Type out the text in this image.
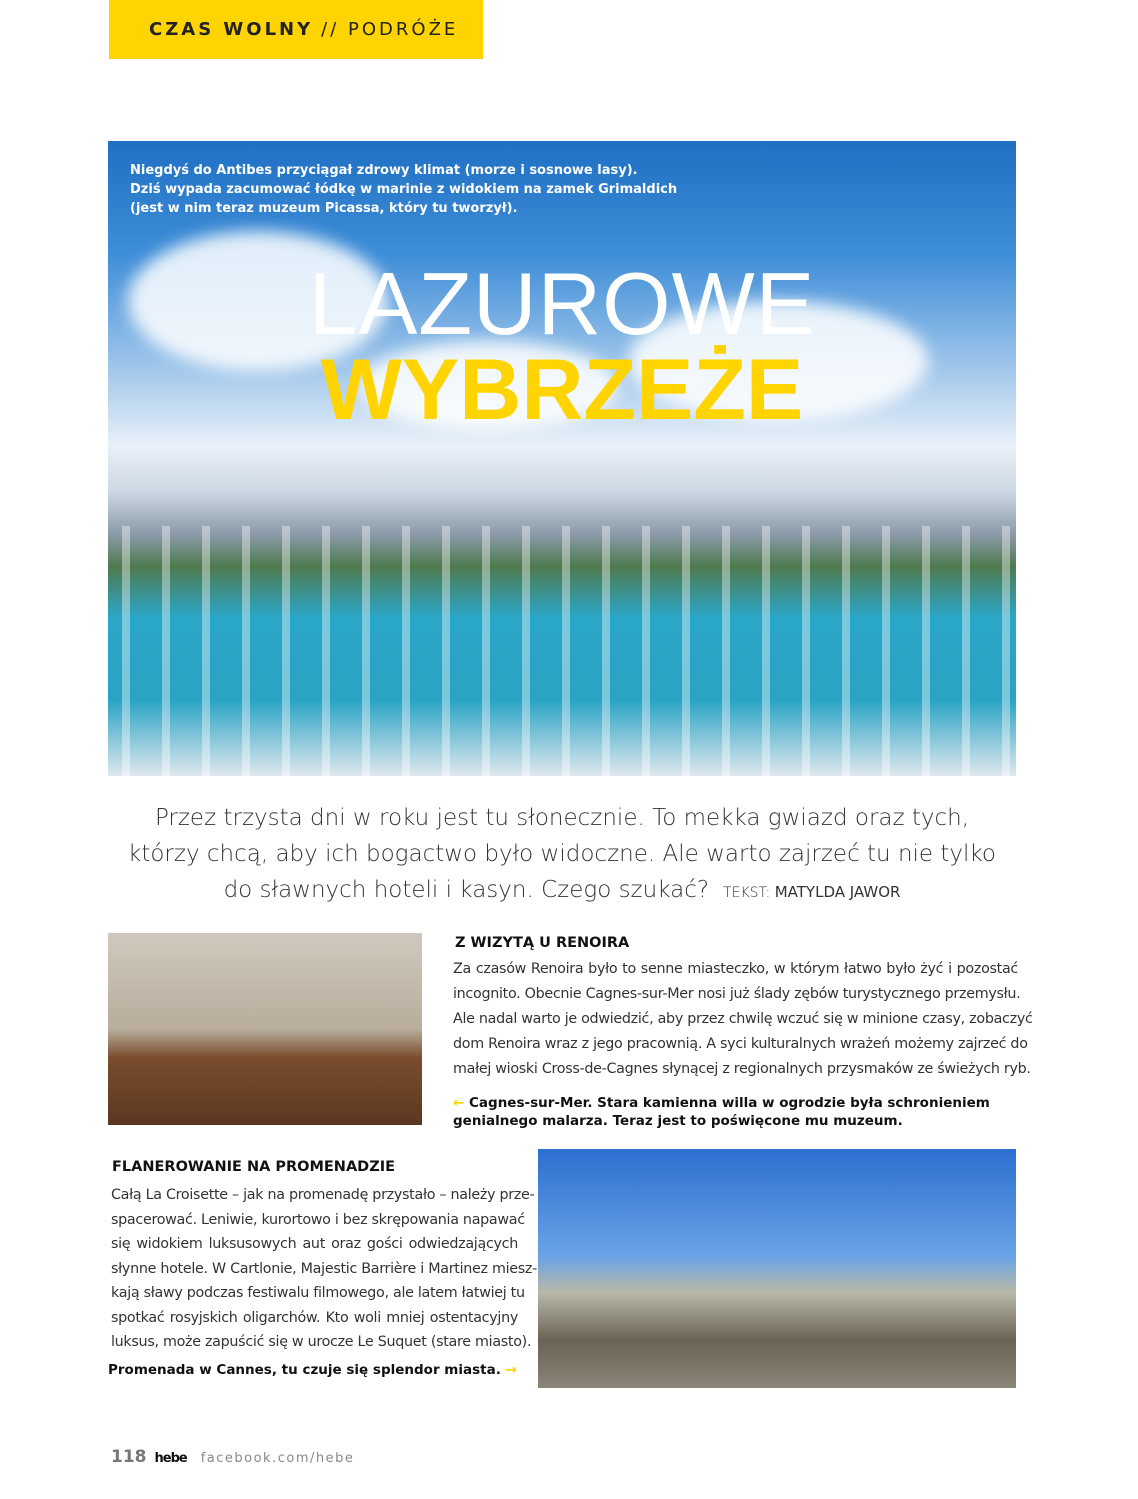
CZAS WOLNY // PODRÓŻE
Niegdyś do Antibes przyciągał zdrowy klimat (morze i sosnowe lasy).
Dziś wypada zacumować łódkę w marinie z widokiem na zamek Grimaldich
(jest w nim teraz muzeum Picassa, który tu tworzył).
LAZUROWE
WYBRZEŻE
Przez trzysta dni w roku jest tu słonecznie. To mekka gwiazd oraz tych,
którzy chcą, aby ich bogactwo było widoczne. Ale warto zajrzeć tu nie tylko
do sławnych hoteli i kasyn. Czego szukać? TEKST: MATYLDA JAWOR
Z WIZYTĄ U RENOIRA
Za czasów Renoira było to senne miasteczko, w którym łatwo było żyć i pozostać
incognito. Obecnie Cagnes-sur-Mer nosi już ślady zębów turystycznego przemysłu.
Ale nadal warto je odwiedzić, aby przez chwilę wczuć się w minione czasy, zobaczyć
dom Renoira wraz z jego pracownią. A syci kulturalnych wrażeń możemy zajrzeć do
małej wioski Cross-de-Cagnes słynącej z regionalnych przysmaków ze świeżych ryb.
← Cagnes-sur-Mer. Stara kamienna willa w ogrodzie była schronieniem
genialnego malarza. Teraz jest to poświęcone mu muzeum.
FLANEROWANIE NA PROMENADZIE
Całą La Croisette – jak na promenadę przystało – należy prze-
spacerować. Leniwie, kurortowo i bez skrępowania napawać
się widokiem luksusowych aut oraz gości odwiedzających
słynne hotele. W Cartlonie, Majestic Barrière i Martinez miesz-
kają sławy podczas festiwalu filmowego, ale latem łatwiej tu
spotkać rosyjskich oligarchów. Kto woli mniej ostentacyjny
luksus, może zapuścić się w urocze Le Suquet (stare miasto).
Promenada w Cannes, tu czuje się splendor miasta. →
118 hebe facebook.com/hebe
